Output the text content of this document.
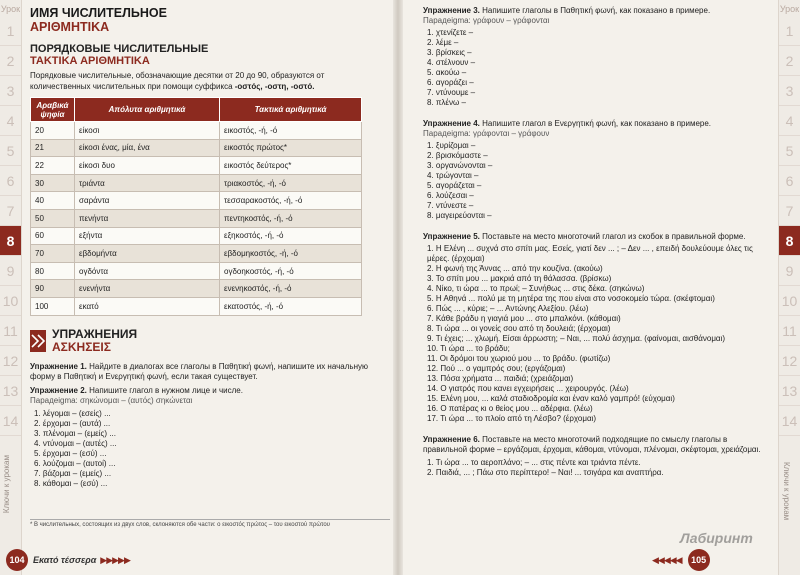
Урок
1
2
3
4
5
6
7
8
9
10
11
12
13
14
Ключи к урокам
Урок
1
2
3
4
5
6
7
8
9
10
11
12
13
14
Ключи к урокам
ИМЯ ЧИСЛИТЕЛЬНОЕ
ΑΡΙΘΜΗΤΙΚΑ
ПОРЯДКОВЫЕ ЧИСЛИТЕЛЬНЫЕ
ΤΑΚΤΙΚΑ ΑΡΙΘΜΗΤΙΚΑ

Порядковые числительные, обозначающие десятки от 20 до 90, образуются от количественных числительных при помощи суффикса -οστός, -οστη, -οστό.

Αραβικά ψηφία	Απόλυτα αριθμητικά	Τακτικά αριθμητικά
20	είκοσι	εικοστός, -ή, -ό
21	είκοσι ένας, μία, ένα	εικοστός πρώτος*
22	είκοσι δυο	εικοστός δεύτερος*
30	τριάντα	τριακοστός, -ή, -ό
40	σαράντα	τεσσαρακοστός, -ή, -ό
50	πενήντα	πεντηκοστός, -ή, -ό
60	εξήντα	εξηκοστός, -ή, -ό
70	εβδομήντα	εβδομηκοστός, -ή, -ό
80	ογδόντα	ογδοηκοστός, -ή, -ό
90	ενενήντα	ενενηκοστός, -ή, -ό
100	εκατό	εκατοστός, -ή, -ό
УПРАЖНЕНИЯ
ΑΣΚΗΣΕΙΣ
Упражнение 1. Найдите в диалогах все глаголы в Παθητική φωνή, напишите их начальную форму в Παθητική и Ενεργητική φωνή, если такая существует.
Упражнение 2. Напишите глагол в нужном лице и числе.
Парадеigma: σηκώνομαι – (αυτός) σηκώνεται
1. λέγομαι – (εσείς) ...
2. έρχομαι – (αυτά) ...
3. πλένομαι – (εμείς) ...
4. ντύνομαι – (αυτές) ...
5. έρχομαι – (εσύ) ...
6. λούζομαι – (αυτοί) ...
7. βάζομαι – (εμείς) ...
8. κάθομαι – (εσύ) ...
* В числительных, состоящих из двух слов, склоняются обе части: ο εικοστός πρώτος – του εικοστού πρώτου
104 Εκατό τέσσερα ▶▶▶▶▶
Упражнение 3. Напишите глаголы в Παθητική φωνή, как показано в примере.
Парадеigma: γράφουν – γράφονται
1. χτενίζετε –
2. λέμε –
3. βρίσκεις –
4. στέλνουν –
5. ακούω –
6. αγοράζει –
7. ντύνουμε –
8. πλένω –
Упражнение 4. Напишите глагол в Ενεργητική φωνή, как показано в примере.
Парадеigma: γράφονται – γράφουν
1. ξυρίζομαι –
2. βρισκόμαστε –
3. οργανώνονται –
4. τρώγονται –
5. αγοράζεται –
6. λούζεσαι –
7. ντύνεστε –
8. μαγειρεύονται –
Упражнение 5. Поставьте на место многоточий глагол из скобок в правильной форме.
1. Η Ελένη ... συχνά στο σπίτι μας. Εσείς, γιατί δεν ... ; – Δεν ... , επειδή δουλεύουμε όλες τις μέρες. (έρχομαι)
2. Η φωνή της Άννας ... από την κουζίνα. (ακούω)
3. Το σπίτι μου ... μακριά από τη θάλασσα. (βρίσκω)
4. Νίκο, τι ώρα ... το πρωί; – Συνήθως ... στις δέκα. (σηκώνω)
5. Η Αθηνά ... πολύ με τη μητέρα της που είναι στο νοσοκομείο τώρα. (σκέφτομαι)
6. Πώς ... , κύριε; – ... Αντώνης Αλεξίου. (λέω)
7. Κάθε βράδυ η γιαγιά μου ... στο μπαλκόνι. (κάθομαι)
8. Τι ώρα ... οι γονείς σου από τη δουλειά; (έρχομαι)
9. Τι έχεις; ... χλωμή. Είσαι άρρωστη; – Ναι, ... πολύ άσχημα. (φαίνομαι, αισθάνομαι)
10. Τι ώρα ... το βράδυ;
11. Οι δρόμοι του χωριού μου ... το βράδυ. (φωτίζω)
12. Πού ... ο γαμπρός σου; (εργάζομαι)
13. Πόσα χρήματα ... παιδιά; (χρειάζομαι)
14. Ο γιατρός που κανει εγχειρήσεις ... χειρουργός. (λέω)
15. Ελένη μου, ... καλά σταδιοδρομία και έναν καλό γαμπρό! (εύχομαι)
16. Ο πατέρας κι ο θείος μου ... αδέρφια. (λέω)
17. Τι ώρα ... το πλοίο από τη Λέσβο? (έρχομαι)
Упражнение 6. Поставьте на место многоточий подходящие по смыслу глаголы в правильной форме – εργάζομαι, έρχομαι, κάθομαι, ντύνομαι, πλένομαι, σκέφτομαι, χρειάζομαι.
1. Τι ώρα ... το αεροπλάνο; – ... στις πέντε και τριάντα πέντε.
2. Παιδιά, ... ; Πάω στο περίπτερο! – Ναι! ... τσιγάρα και αναπτήρα.
◀◀◀◀◀	105
Лабиринт
